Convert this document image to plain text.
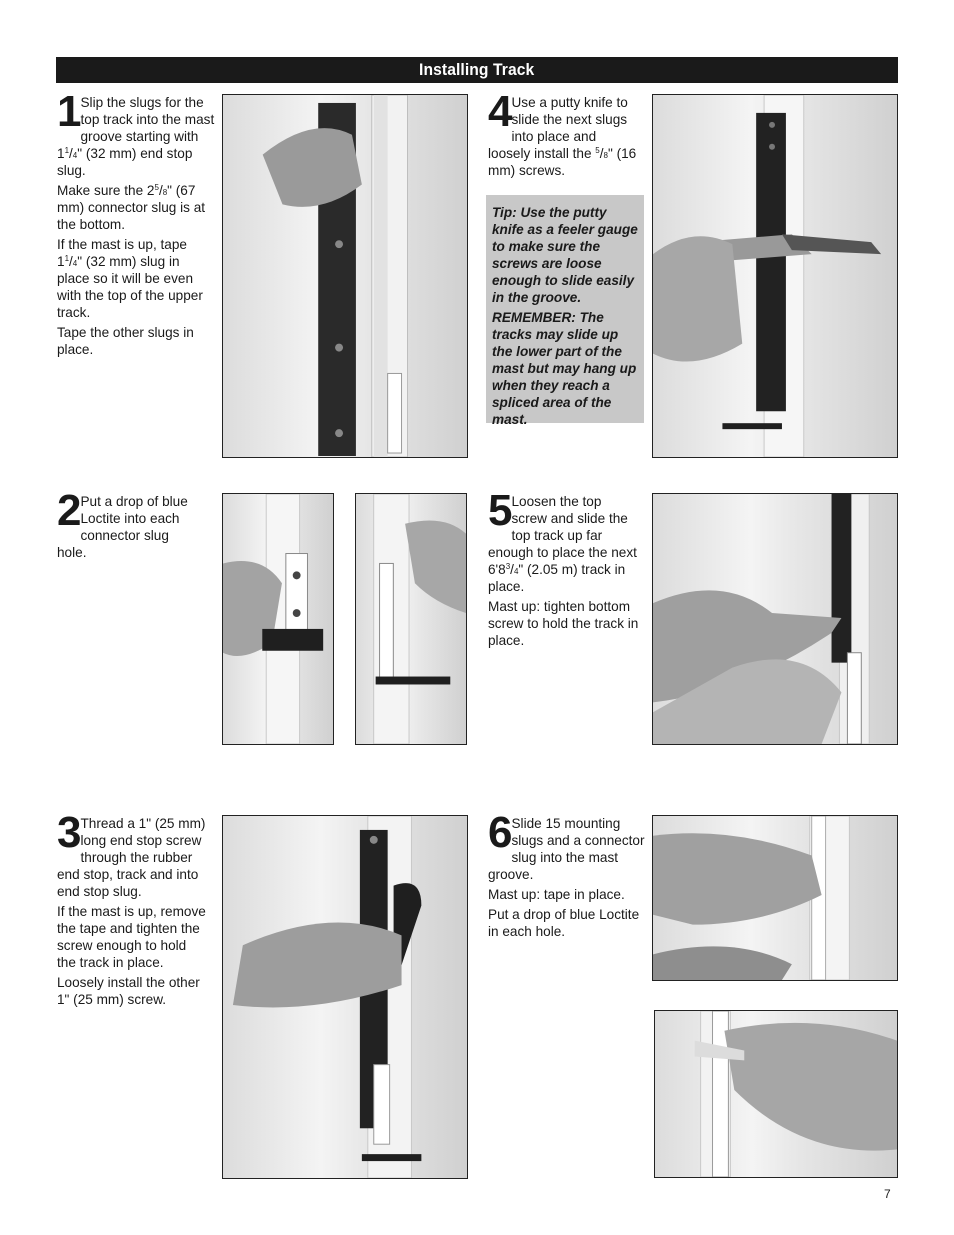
Installing Track

1 Slip the slugs for the top track into the mast groove starting with $1^1/4$" (32 mm) end stop slug.

Make sure the $2^5/8$" (67 mm) connector slug is at the bottom.

If the mast is up, tape $1^1/4$" (32 mm) slug in place so it will be even with the top of the upper track.

Tape the other slugs in place.

4 Use a putty knife to slide the next slugs into place and loosely install the $^5$/8" (16 mm) screws.

Tip: Use the putty knife as a feeler gauge to make sure the screws are loose enough to slide easily in the groove.

REMEMBER: The tracks may slide up the lower part of the mast but may hang up when they reach a spliced area of the mast.

2 Put a drop of blue Loctite into each connector slug hole.

5 Loosen the top screw and slide the top track up far enough to place the next $6'8^3/4$" (2.05 m) track in place.

Mast up: tighten bottom screw to hold the track in place.

3 Thread a 1" (25 mm) long end stop screw through the rubber end stop, track and into end stop slug.

If the mast is up, remove the tape and tighten the screw enough to hold the track in place.

Loosely install the other 1" (25 mm) screw.

6 Slide 15 mounting slugs and a connector slug into the mast groove.

Mast up: tape in place.

Put a drop of blue Loctite in each hole.

7
